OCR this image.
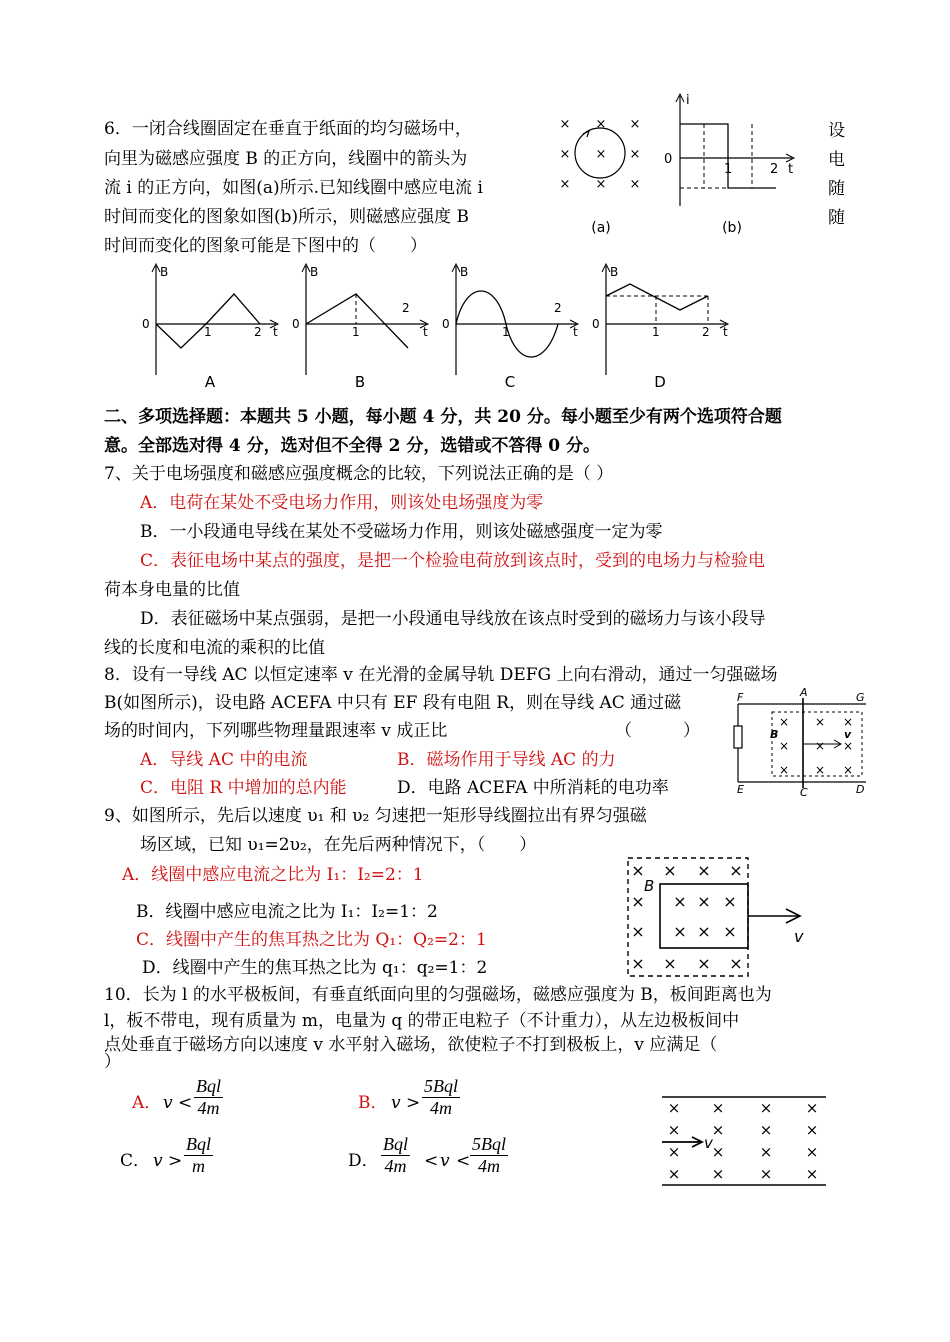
6．一闭合线圈固定在垂直于纸面的均匀磁场中，
向里为磁感应强度 B 的正方向，线圈中的箭头为
流 i 的正方向，如图(a)所示.已知线圈中感应电流 i
时间而变化的图象如图(b)所示，则磁感应强度 B
时间而变化的图象可能是下图中的（　　）
设
电
随
随
× × ×
× × ×
× × ×
(a)
i
0
t
1	2
(b)
B
0
1	2 t
A
B
0
1
2
t
B
B
0
1
2
t
C
B
0
1	2 t
D
二、多项选择题：本题共 5 小题，每小题 4 分，共 20 分。每小题至少有两个选项符合题
意。全部选对得 4 分，选对但不全得 2 分，选错或不答得 0 分。
7、关于电场强度和磁感应强度概念的比较，下列说法正确的是（ ）
A．电荷在某处不受电场力作用，则该处电场强度为零
B．一小段通电导线在某处不受磁场力作用，则该处磁感强度一定为零
C．表征电场中某点的强度，是把一个检验电荷放到该点时，受到的电场力与检验电
荷本身电量的比值
D．表征磁场中某点强弱，是把一小段通电导线放在该点时受到的磁场力与该小段导
线的长度和电流的乘积的比值
8．设有一导线 AC 以恒定速率 v 在光滑的金属导轨 DEFG 上向右滑动，通过一匀强磁场
B(如图所示)，设电路 ACEFA 中只有 EF 段有电阻 R，则在导线 AC 通过磁
场的时间内，下列哪些物理量跟速率 v 成正比	（　　　）
A．导线 AC 中的电流	B．磁场作用于导线 AC 的力
C．电阻 R 中增加的总内能	D．电路 ACEFA 中所消耗的电功率
F	A	G
E	C	D
B	v
× × ×
× × ×
× × ×
9、如图所示，先后以速度 υ₁ 和 υ₂ 匀速把一矩形导线圈拉出有界匀强磁
场区域，已知 υ₁=2υ₂，在先后两种情况下，（　　）
A．线圈中感应电流之比为 I₁：I₂=2：1
B．线圈中感应电流之比为 I₁：I₂=1：2
C．线圈中产生的焦耳热之比为 Q₁：Q₂=2：1
D．线圈中产生的焦耳热之比为 q₁：q₂=1：2
× × × ×
× × × ×
× × × ×
× × × ×
B
v
10．长为 l 的水平极板间，有垂直纸面向里的匀强磁场，磁感应强度为 B，板间距离也为
l，板不带电，现有质量为 m，电量为 q 的带正电粒子（不计重力），从左边极板间中
点处垂直于磁场方向以速度 v 水平射入磁场，欲使粒子不打到极板上，v 应满足（
）
A． v <
Bql
4m	B． v >
5Bql
4m
C． v >
Bql
m	D．
Bql
4m < v <
5Bql
4m
× × × ×
× × × ×
× × × ×
× × × ×
v
